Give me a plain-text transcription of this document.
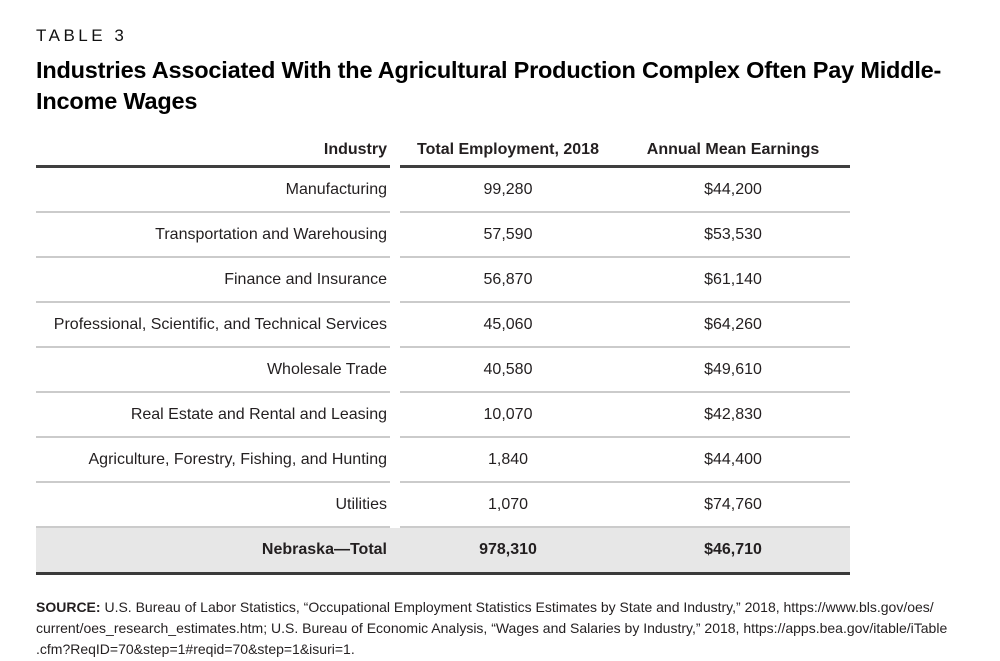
TABLE 3
Industries Associated With the Agricultural Production Complex Often Pay Middle-Income Wages
Industry	Total Employment, 2018	Annual Mean Earnings
Manufacturing	99,280	$44,200
Transportation and Warehousing	57,590	$53,530
Finance and Insurance	56,870	$61,140
Professional, Scientific, and Technical Services	45,060	$64,260
Wholesale Trade	40,580	$49,610
Real Estate and Rental and Leasing	10,070	$42,830
Agriculture, Forestry, Fishing, and Hunting	1,840	$44,400
Utilities	1,070	$74,760
Nebraska—Total	978,310	$46,710

SOURCE: U.S. Bureau of Labor Statistics, “Occupational Employment Statistics Estimates by State and Industry,” 2018, https://www.bls.gov/oes/
current/oes_research_estimates.htm; U.S. Bureau of Economic Analysis, “Wages and Salaries by Industry,” 2018, https://apps.bea.gov/itable/iTable
.cfm?ReqID=70&step=1#reqid=70&step=1&isuri=1.
